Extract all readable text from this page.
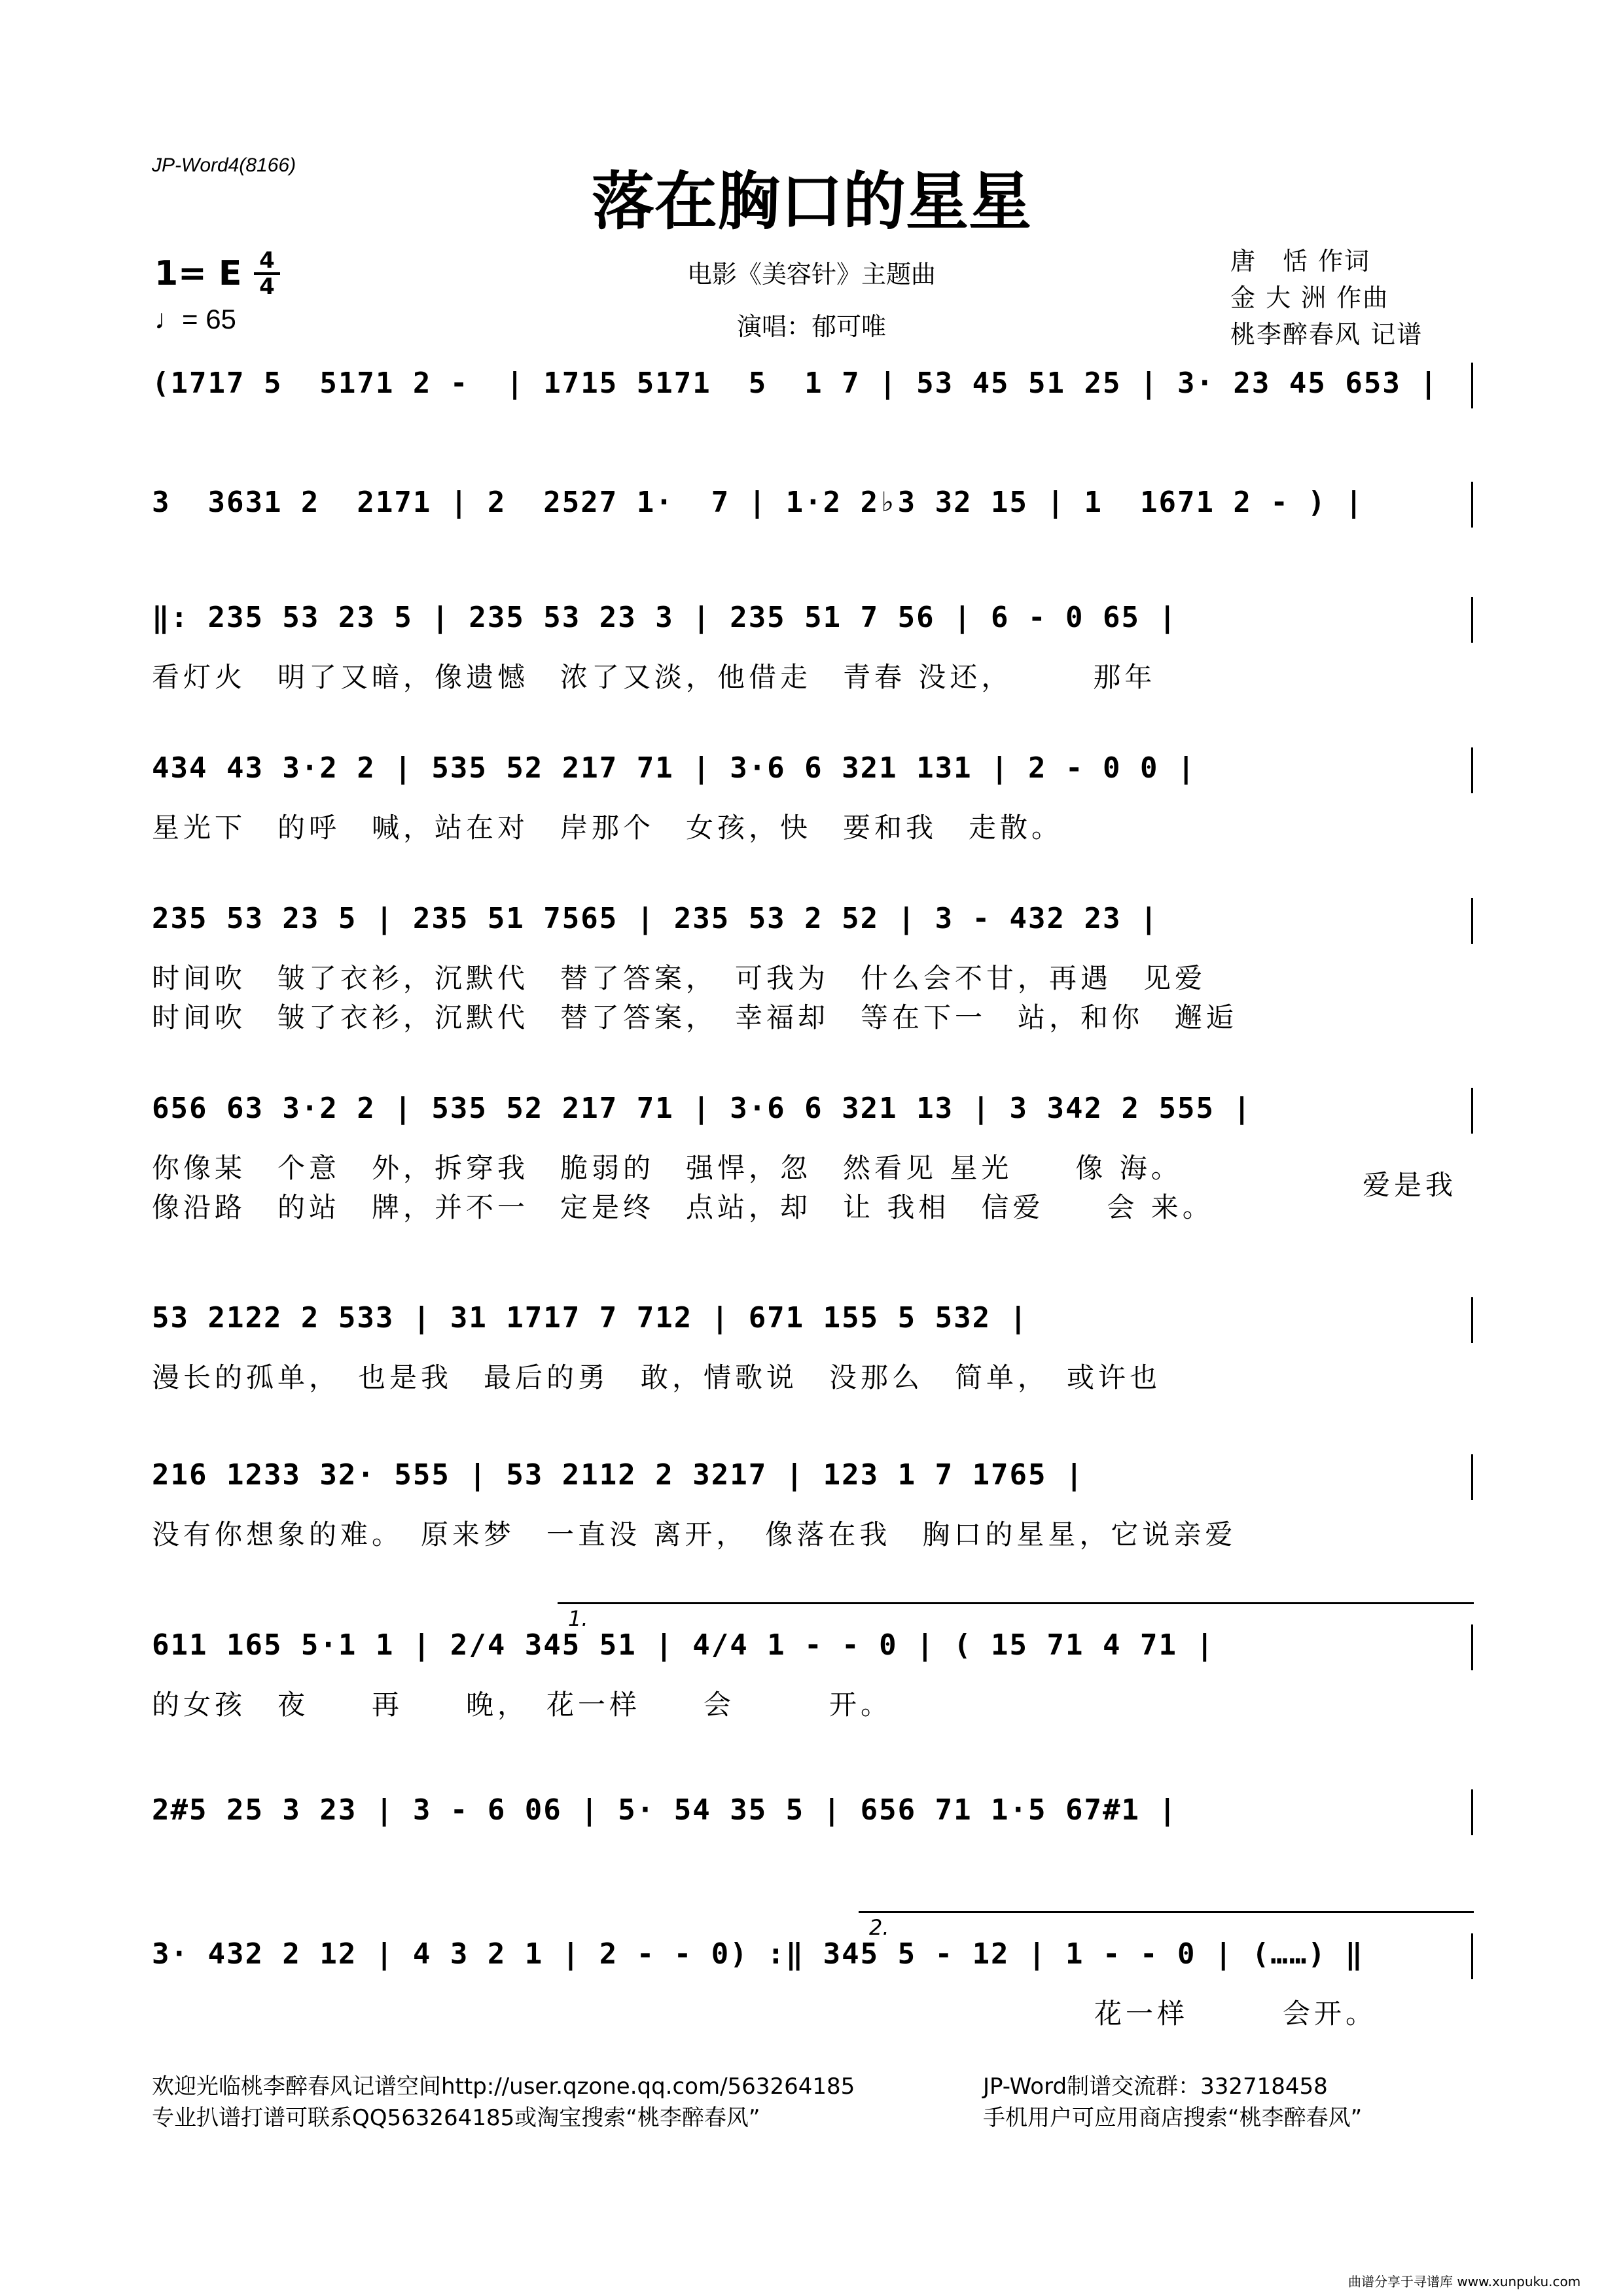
JP-Word4(8166)	落在胸口的星星
电影《美容针》主题曲
演唱：郁可唯
1= E 4
4
♩= 65
唐　恬 作词
金 大 洲 作曲
桃李醉春风 记谱
(1717 5  5171 2 -  | 1715 5171  5  1 7 | 53 45 51 25 | 3· 23 45 653 |
3  3631 2  2171 | 2  2527 1·  7 | 1·2 2♭3 32 15 | 1  1671 2 - ) |
‖: 235 53 23 5 | 235 53 23 3 | 235 51 7 56 | 6 - 0 65 |
看灯火　明了又暗，像遗憾　浓了又淡，他借走　青春 没还，　　　那年
434 43 3·2 2 | 535 52 217 71 | 3·6 6 321 131 | 2 - 0 0 |
星光下　的呼　喊，站在对　岸那个　女孩，快　要和我　走散。
235 53 23 5 | 235 51 7565 | 235 53 2 52 | 3 - 432 23 |
时间吹　皱了衣衫，沉默代　替了答案，　可我为　什么会不甘，再遇　见爱
时间吹　皱了衣衫，沉默代　替了答案，　幸福却　等在下一　站，和你　邂逅
656 63 3·2 2 | 535 52 217 71 | 3·6 6 321 13 | 3 342 2 555 |
你像某　个意　外，拆穿我　脆弱的　强悍，忽　然看见 星光　　像 海。
像沿路　的站　牌，并不一　定是终　点站，却　让 我相　信爱　　会 来。
爱是我
53 2122 2 533 | 31 1717 7 712 | 671 155 5 532 |
漫长的孤单，　也是我　最后的勇　敢，情歌说　没那么　简单，　或许也
216 1233 32· 555 | 53 2112 2 3217 | 123 1 7 1765 |
没有你想象的难。　原来梦　一直没 离开，　像落在我　胸口的星星，它说亲爱
1.
611 165 5·1 1 | 2/4 345 51 | 4/4 1 - - 0 | ( 15 71 4 71 |
的女孩　夜　　再　　晚，　花一样　　会　　　开。
2#5 25 3 23 | 3 - 6 06 | 5· 54 35 5 | 656 71 1·5 67#1 |
2.
3· 432 2 12 | 4 3 2 1 | 2 - - 0) :‖ 345 5 - 12 | 1 - - 0 | (……) ‖
　　　　　　　　　　　　　　　　　　　　　　　　　　　　　　花一样　　　会开。
欢迎光临桃李醉春风记谱空间http://user.qzone.qq.com/563264185
专业扒谱打谱可联系QQ563264185或淘宝搜索“桃李醉春风”
JP-Word制谱交流群：332718458
手机用户可应用商店搜索“桃李醉春风”
曲谱分享于寻谱库 www.xunpuku.com
